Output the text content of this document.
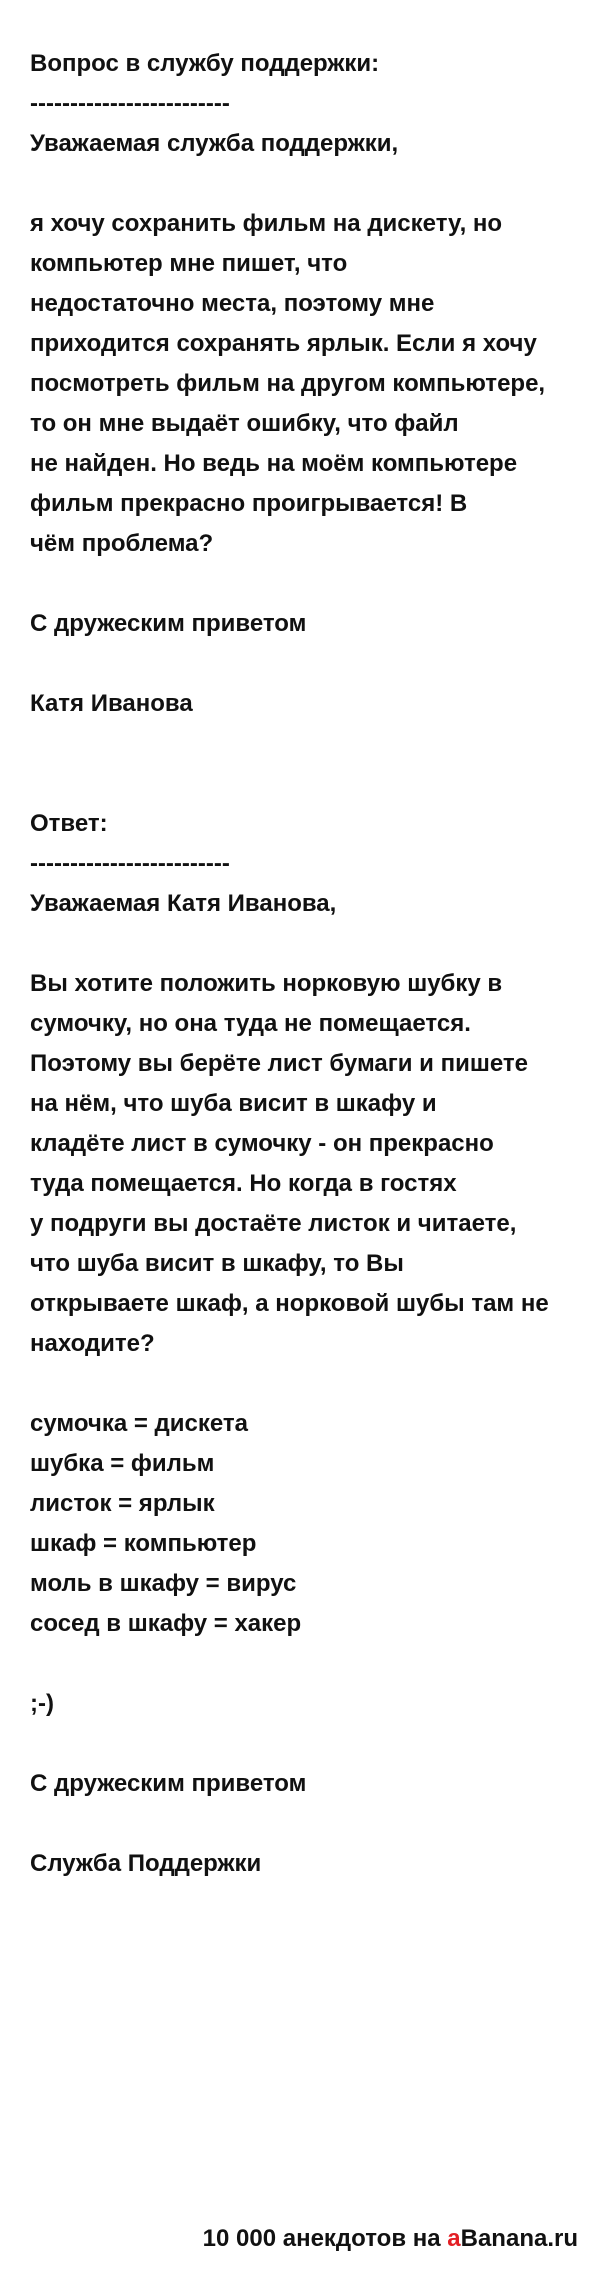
Вопрос в службу поддержки:
-------------------------
Уважаемая служба поддержки,
я хочу сохранить фильм на дискету, но компьютер мне пишет, что
недостаточно места, поэтому мне приходится сохранять ярлык. Если я хочу
посмотреть фильм на другом компьютере, то он мне выдаёт ошибку, что файл
не найден. Но ведь на моём компьютере фильм прекрасно проигрывается! В
чём проблема?
С дружеским приветом
Катя Иванова
Ответ:
-------------------------
Уважаемая Катя Иванова,
Вы хотите положить норковую шубку в сумочку, но она туда не помещается.
Поэтому вы берёте лист бумаги и пишете на нём, что шуба висит в шкафу и
кладёте лист в сумочку - он прекрасно туда помещается. Но когда в гостях
у подруги вы достаёте листок и читаете, что шуба висит в шкафу, то Вы
открываете шкаф, а норковой шубы там не находите?
сумочка = дискета
шубка = фильм
листок = ярлык
шкаф = компьютер
моль в шкафу = вирус
сосед в шкафу = хакер
;-)
С дружеским приветом
Служба Поддержки
10 000 анекдотов на aBanana.ru
